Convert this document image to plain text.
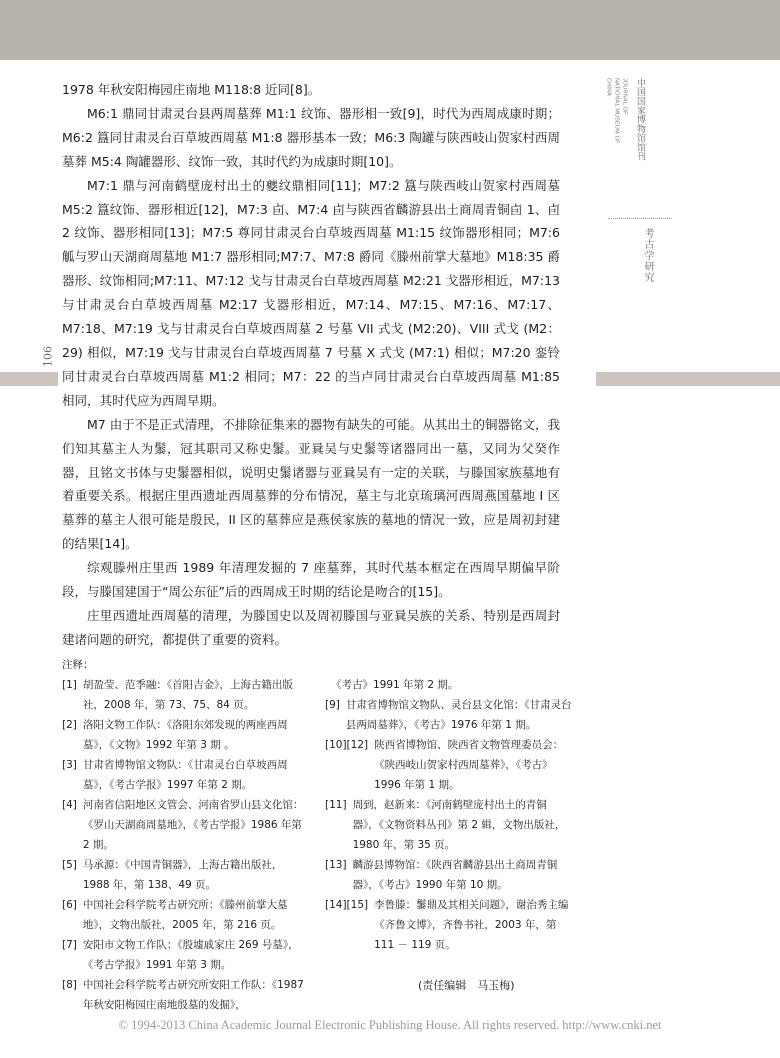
106
中国国家博物馆馆刊
JOURNAL OF
NATIONAL MUSEUM OF
CHINA
考古学研究

1978 年秋安阳梅园庄南地 M118:8 近同[8]。

M6:1 鼎同甘肃灵台县两周墓葬 M1:1 纹饰、器形相一致[9]，时代为西周成康时期；M6:2 簋同甘肃灵台百草坡西周墓 M1:8 器形基本一致；M6:3 陶罐与陕西岐山贺家村西周墓葬 M5:4 陶罐器形、纹饰一致，其时代约为成康时期[10]。

M7:1 鼎与河南鹤壁庞村出土的夔纹鼎相同[11]；M7:2 簋与陕西岐山贺家村西周墓 M5:2 簋纹饰、器形相近[12]，M7:3 卣、M7:4 卣与陕西省麟游县出土商周青铜卣 1、卣 2 纹饰、器形相同[13]；M7:5 尊同甘肃灵台白草坡西周墓 M1:15 纹饰器形相同；M7:6 觚与罗山天湖商周墓地 M1:7 器形相同;M7:7、M7:8 爵同《滕州前掌大墓地》M18:35 爵器形、纹饰相同;M7:11、M7:12 戈与甘肃灵台白草坡西周墓 M2:21 戈器形相近，M7:13 与甘肃灵台白草坡西周墓 M2:17 戈器形相近，M7:14、M7:15、M7:16、M7:17、M7:18、M7:19 戈与甘肃灵台白草坡西周墓 2 号墓 VII 式戈 (M2:20)、VIII 式戈 (M2：29) 相似，M7:19 戈与甘肃灵台白草坡西周墓 7 号墓 X 式戈 (M7:1) 相似；M7:20 銮铃同甘肃灵台白草坡西周墓 M1:2 相同；M7：22 的当卢同甘肃灵台白草坡西周墓 M1:85 相同，其时代应为西周早期。

M7 由于不是正式清理，不排除征集来的器物有缺失的可能。从其出土的铜器铭文，我们知其墓主人为䰍，冠其职司又称史䰍。亚㠱吴与史䰍等诸器同出一墓，又同为父癸作器，且铭文书体与史䰍器相似，说明史䰍诸器与亚㠱吴有一定的关联，与滕国家族墓地有着重要关系。根据庄里西遗址西周墓葬的分布情况，墓主与北京琉璃河西周燕国墓地 I 区墓葬的墓主人很可能是殷民，II 区的墓葬应是燕侯家族的墓地的情况一致，应是周初封建的结果[14]。

综观滕州庄里西 1989 年清理发掘的 7 座墓葬，其时代基本框定在西周早期偏早阶段，与滕国建国于“周公东征”后的西周成王时期的结论是吻合的[15]。

庄里西遗址西周墓的清理，为滕国史以及周初滕国与亚㠱吴族的关系、特别是西周封建诸问题的研究，都提供了重要的资料。

注释：

[1] 胡盈莹、范季融：《首阳吉金》，上海古籍出版社，2008 年，第 73、75、84 页。

[2] 洛阳文物工作队：《洛阳东郊发现的两座西周墓》，《文物》1992 年第 3 期 。

[3] 甘肃省博物馆文物队：《甘肃灵台白草坡西周墓》，《考古学报》1997 年第 2 期。

[4] 河南省信阳地区文管会、河南省罗山县文化馆：《罗山天湖商周墓地》，《考古学报》1986 年第 2 期。

[5] 马承源：《中国青铜器》，上海古籍出版社，1988 年，第 138、49 页。

[6] 中国社会科学院考古研究所：《滕州前掌大墓地》，文物出版社，2005 年，第 216 页。

[7] 安阳市文物工作队：《殷墟戚家庄 269 号墓》，《考古学报》1991 年第 3 期。

[8] 中国社会科学院考古研究所安阳工作队：《1987 年秋安阳梅园庄南地殷墓的发掘》，

《考古》1991 年第 2 期。

[9] 甘肃省博物馆文物队、灵台县文化馆：《甘肃灵台县两周墓葬》，《考古》1976 年第 1 期。

[10][12] 陕西省博物馆、陕西省文物管理委员会：《陕西岐山贺家村西周墓葬》，《考古》1996 年第 1 期。

[11] 周到，赵新来：《河南鹤壁庞村出土的青铜器》，《文物资料丛刊》第 2 辑，文物出版社，1980 年，第 35 页。

[13] 麟游县博物馆：《陕西省麟游县出土商周青铜器》，《考古》1990 年第 10 期。

[14][15] 李鲁滕：䰍鼎及其相关问题》，谢治秀主编《齐鲁文博》，齐鲁书社，2003 年，第 111 － 119 页。

(责任编辑　马玉梅)
© 1994-2013 China Academic Journal Electronic Publishing House. All rights reserved. http://www.cnki.net
